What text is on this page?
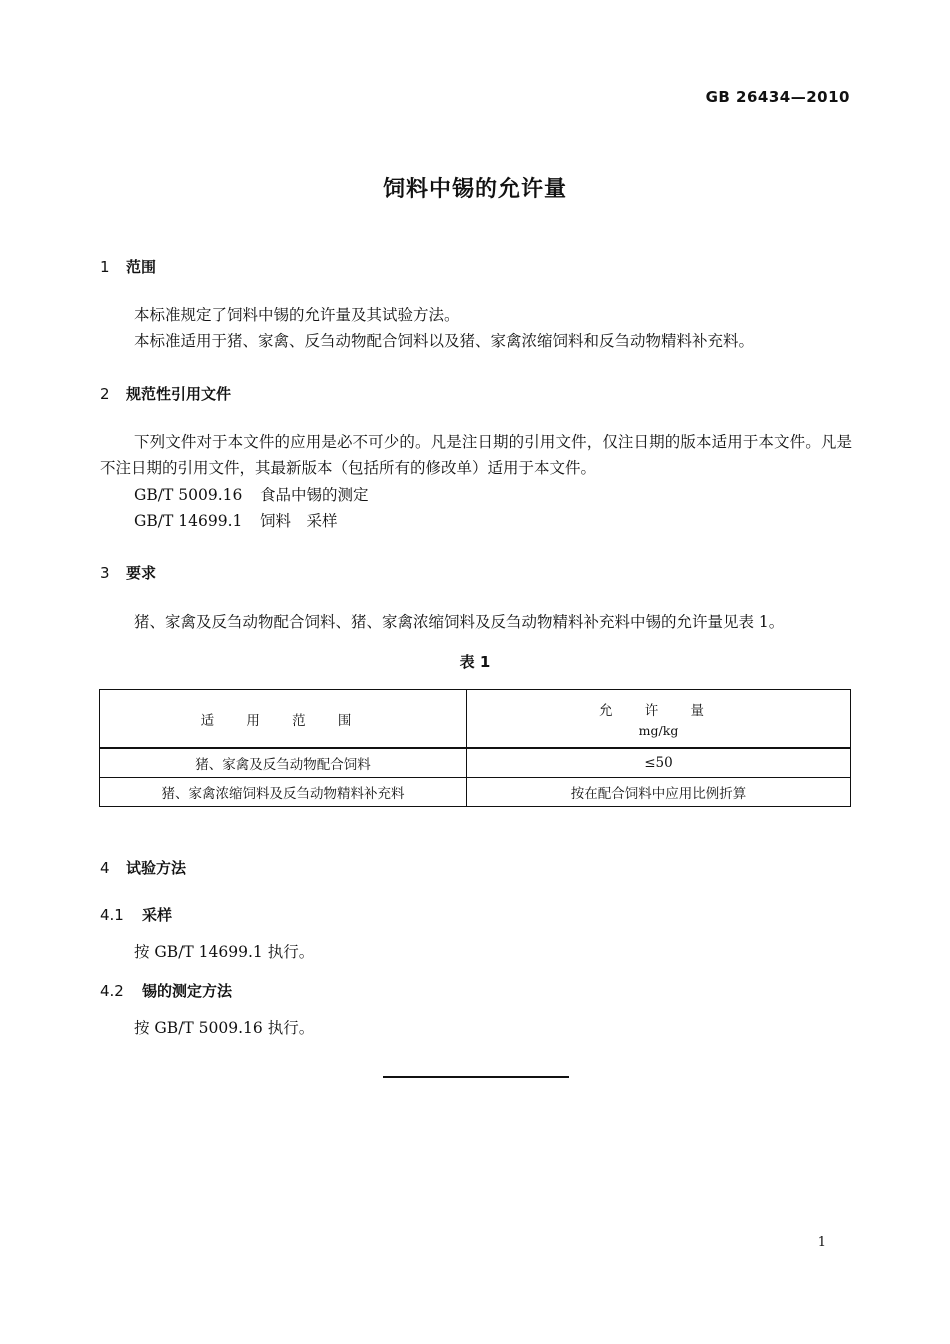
GB 26434—2010
饲料中锡的允许量
1 范围
本标准规定了饲料中锡的允许量及其试验方法。
本标准适用于猪、家禽、反刍动物配合饲料以及猪、家禽浓缩饲料和反刍动物精料补充料。
2 规范性引用文件
下列文件对于本文件的应用是必不可少的。凡是注日期的引用文件，仅注日期的版本适用于本文件。凡是不注日期的引用文件，其最新版本（包括所有的修改单）适用于本文件。
GB/T 5009.16 食品中锡的测定
GB/T 14699.1 饲料　采样
3 要求
猪、家禽及反刍动物配合饲料、猪、家禽浓缩饲料及反刍动物精料补充料中锡的允许量见表 1。
表 1
适 用 范 围	允 许 量
mg/kg

猪、家禽及反刍动物配合饲料	≤50
猪、家禽浓缩饲料及反刍动物精料补充料	按在配合饲料中应用比例折算
4 试验方法
4.1 采样
按 GB/T 14699.1 执行。
4.2 锡的测定方法
按 GB/T 5009.16 执行。
1
